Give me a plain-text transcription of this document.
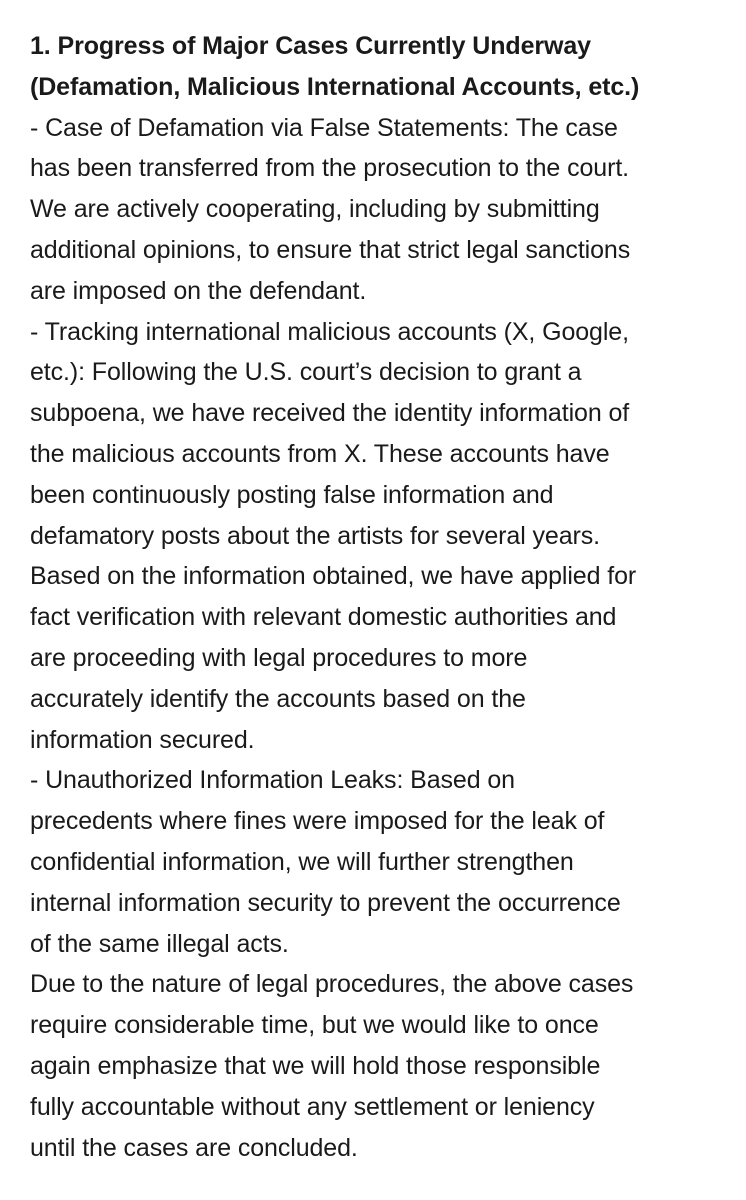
1. Progress of Major Cases Currently Underway
(Defamation, Malicious International Accounts, etc.)
- Case of Defamation via False Statements: The case
has been transferred from the prosecution to the court.
We are actively cooperating, including by submitting
additional opinions, to ensure that strict legal sanctions
are imposed on the defendant.
- Tracking international malicious accounts (X, Google,
etc.): Following the U.S. court’s decision to grant a
subpoena, we have received the identity information of
the malicious accounts from X. These accounts have
been continuously posting false information and
defamatory posts about the artists for several years.
Based on the information obtained, we have applied for
fact verification with relevant domestic authorities and
are proceeding with legal procedures to more
accurately identify the accounts based on the
information secured.
- Unauthorized Information Leaks: Based on
precedents where fines were imposed for the leak of
confidential information, we will further strengthen
internal information security to prevent the occurrence
of the same illegal acts.
Due to the nature of legal procedures, the above cases
require considerable time, but we would like to once
again emphasize that we will hold those responsible
fully accountable without any settlement or leniency
until the cases are concluded.
